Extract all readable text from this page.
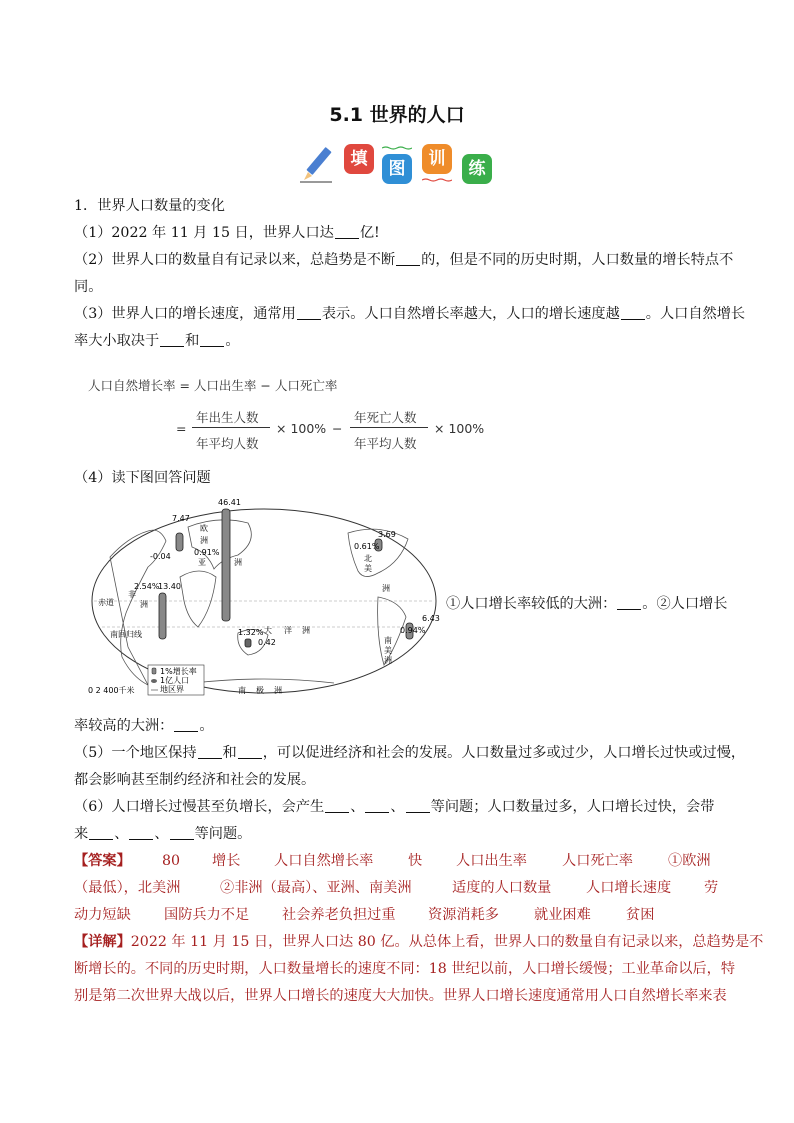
5.1 世界的人口
填	图	训	练
1．世界人口数量的变化
（1）2022 年 11 月 15 日，世界人口达 亿!
（2）世界人口的数量自有记录以来，总趋势是不断 的，但是不同的历史时期，人口数量的增长特点不
同。
（3）世界人口的增长速度，通常用 表示。人口自然增长率越大，人口的增长速度越 。人口自然增长
率大小取决于 和 。
人口自然增长率 = 人口出生率 − 人口死亡率
=
年出生人数
年平均人数
× 100% −
年死亡人数
年平均人数
× 100%
（4）读下图回答问题
46.41
7.47
0.91%
-0.04
0.61%
3.69
2.54%
13.40
1.32%
0.42
0.94%
6.43
欧
洲
亚	洲
非
洲
北
美
洲
南
美
洲
大 洋 洲
南 极 洲
赤道
南回归线
1%增长率
1亿人口
地区界
0 2 400千米
①人口增长率较低的大洲： 。②人口增长
率较高的大洲： 。
（5）一个地区保持 和 ，可以促进经济和社会的发展。人口数量过多或过少，人口增长过快或过慢，
都会影响甚至制约经济和社会的发展。
（6）人口增长过慢甚至负增长，会产生 、 、 等问题；人口数量过多，人口增长过快，会带
来 、 、 等问题。
【答案】 80 增长 人口自然增长率 快 人口出生率 人口死亡率 ①欧洲
（最低），北美洲	②非洲（最高）、亚洲、南美洲	适度的人口数量 人口增长速度 劳
动力短缺 国防兵力不足 社会养老负担过重 资源消耗多 就业困难 贫困
【详解】2022 年 11 月 15 日，世界人口达 80 亿。从总体上看，世界人口的数量自有记录以来，总趋势是不
断增长的。不同的历史时期，人口数量增长的速度不同：18 世纪以前，人口增长缓慢；工业革命以后，特
别是第二次世界大战以后，世界人口增长的速度大大加快。世界人口增长速度通常用人口自然增长率来表
